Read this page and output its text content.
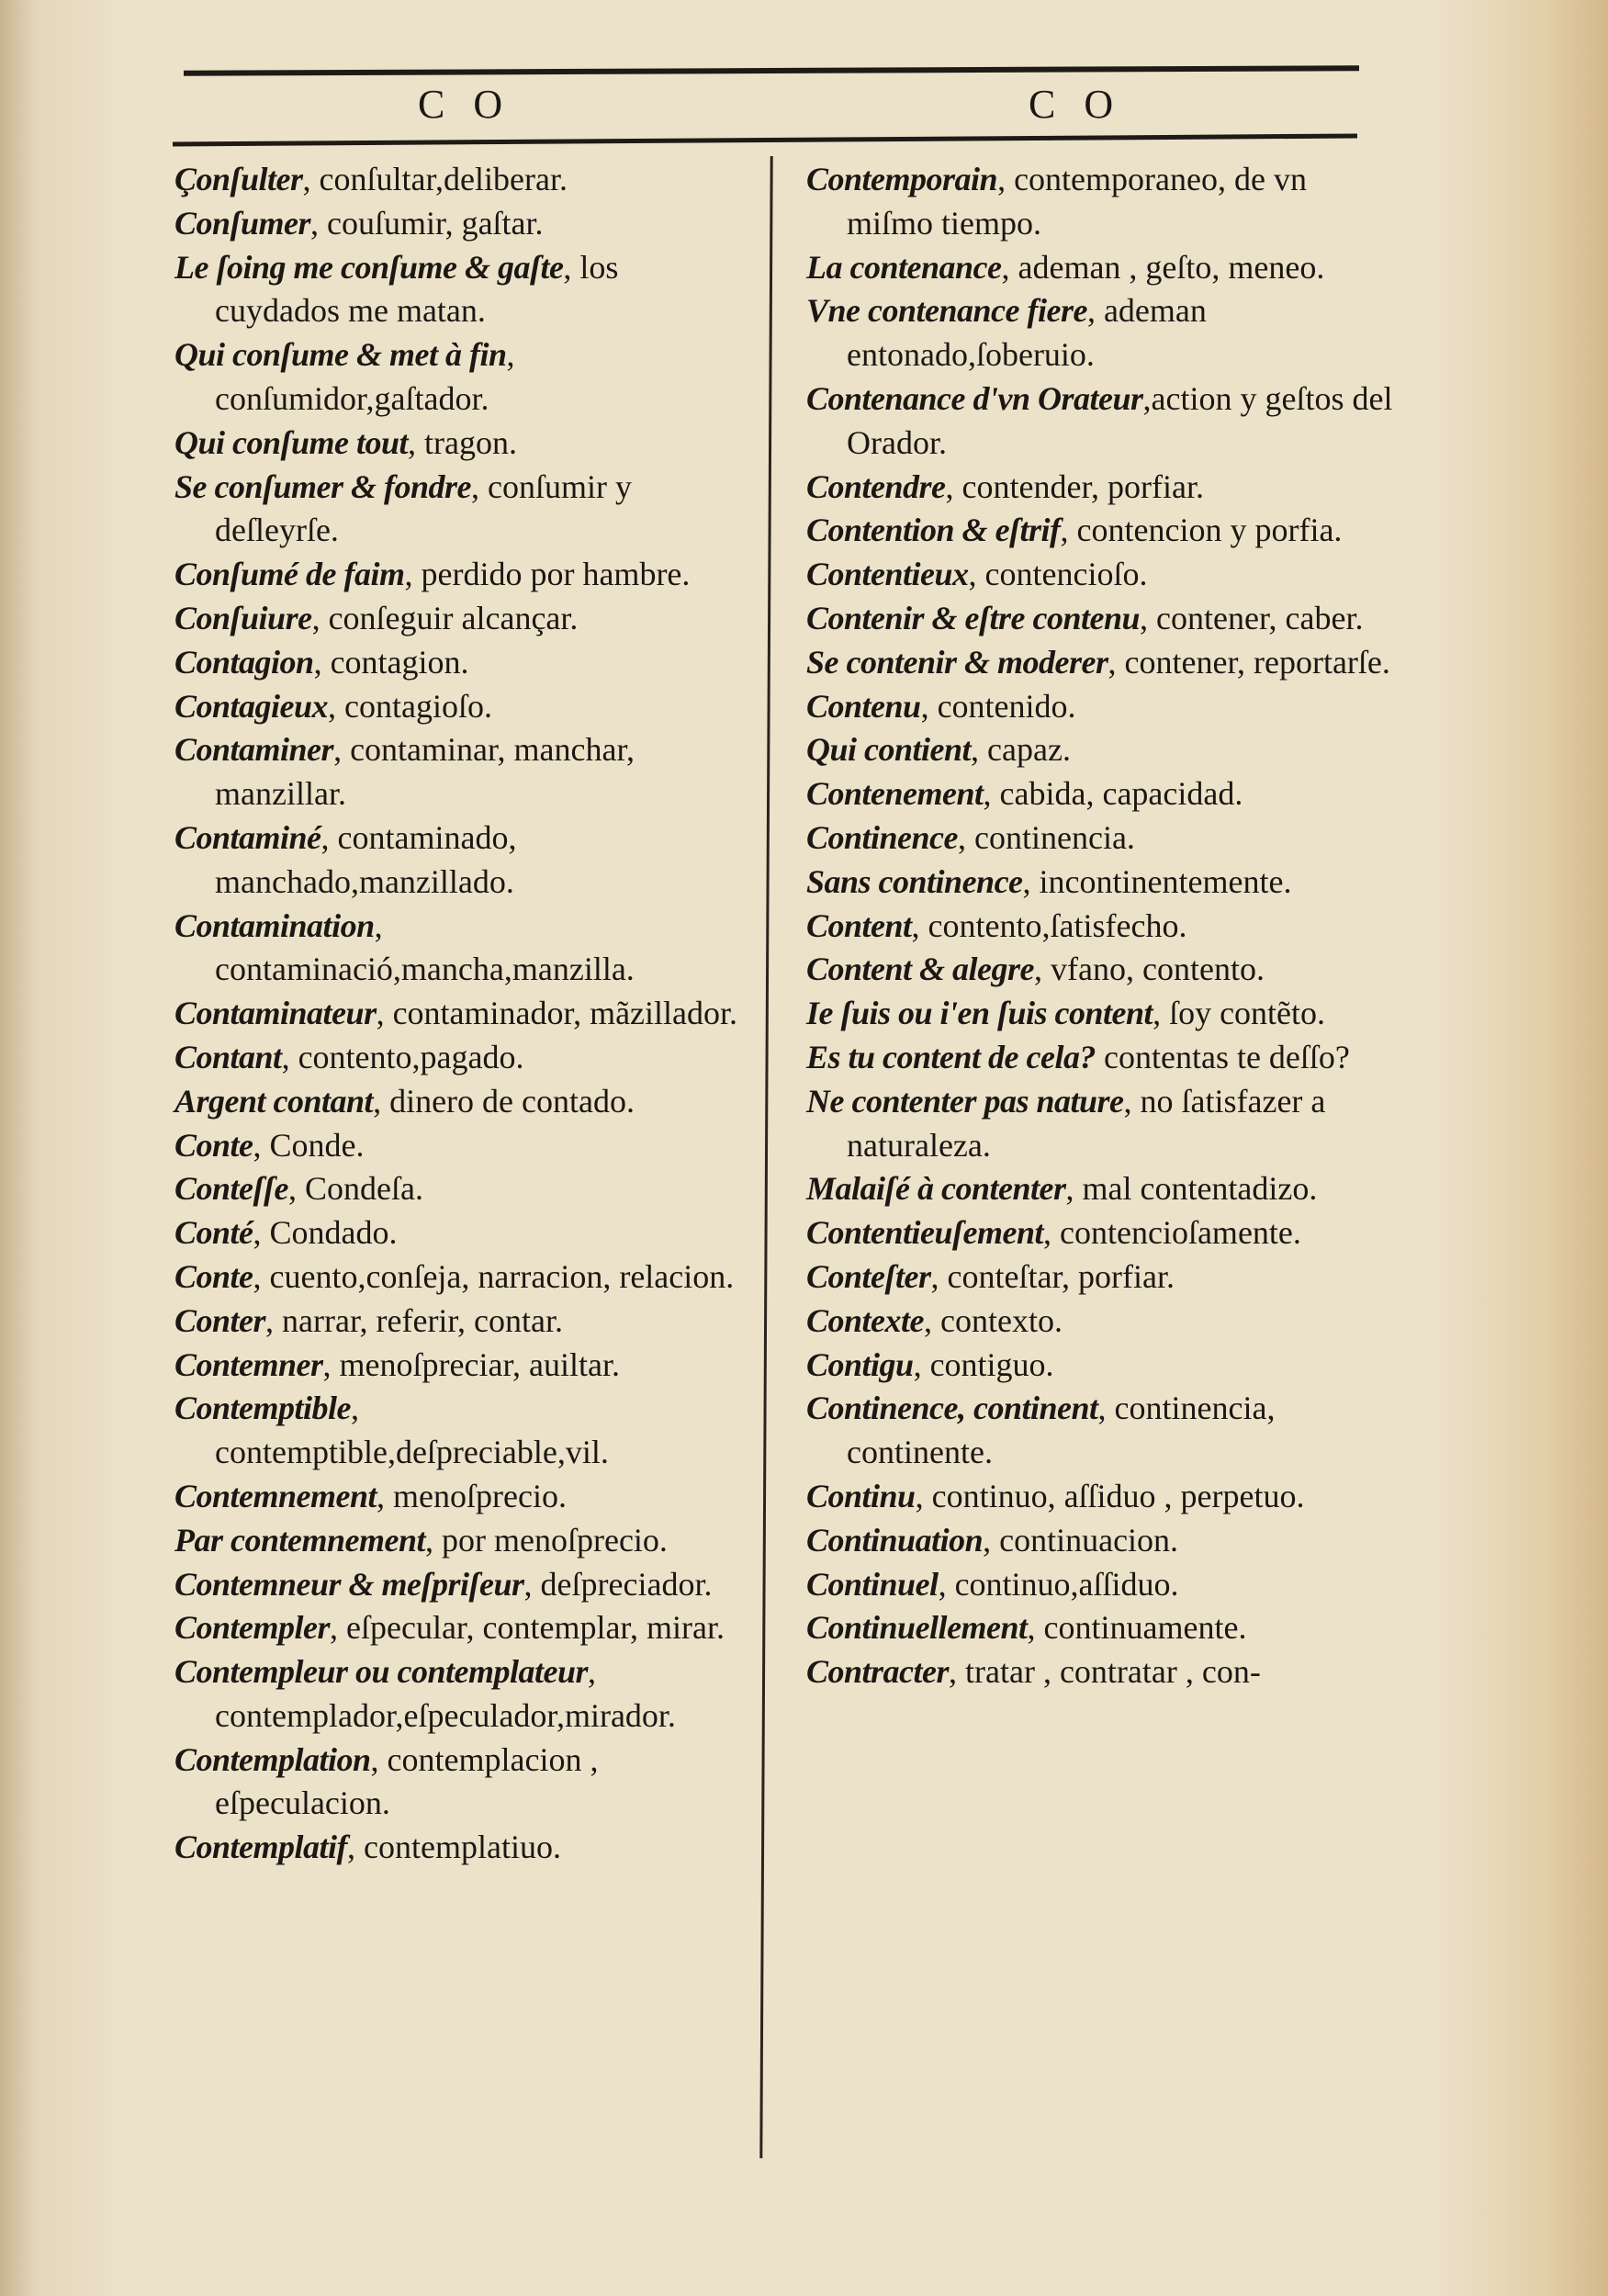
C O	C O

Çonſulter, conſultar,deliberar.

Conſumer, couſumir, gaſtar.

Le ſoing me conſume & gaſte, los cuydados me matan.

Qui conſume & met à fin, conſumidor,gaſtador.

Qui conſume tout, tragon.

Se conſumer & fondre, conſumir y deſleyrſe.

Conſumé de faim, perdido por hambre.

Conſuiure, conſeguir alcançar.

Contagion, contagion.

Contagieux, contagioſo.

Contaminer, contaminar, manchar, manzillar.

Contaminé, contaminado, manchado,manzillado.

Contamination, contaminació,mancha,manzilla.

Contaminateur, contaminador, mãzillador.

Contant, contento,pagado.

Argent contant, dinero de contado.

Conte, Conde.

Conteſſe, Condeſa.

Conté, Condado.

Conte, cuento,conſeja, narracion, relacion.

Conter, narrar, referir, contar.

Contemner, menoſpreciar, auiltar.

Contemptible, contemptible,deſpreciable,vil.

Contemnement, menoſprecio.

Par contemnement, por menoſprecio.

Contemneur & meſpriſeur, deſpreciador.

Contempler, eſpecular, contemplar, mirar.

Contempleur ou contemplateur, contemplador,eſpeculador,mirador.

Contemplation, contemplacion , eſpeculacion.

Contemplatif, contemplatiuo.

Contemporain, contemporaneo, de vn miſmo tiempo.

La contenance, ademan , geſto, meneo.

Vne contenance fiere, ademan entonado,ſoberuio.

Contenance d'vn Orateur,action y geſtos del Orador.

Contendre, contender, porfiar.

Contention & eſtrif, contencion y porfia.

Contentieux, contencioſo.

Contenir & eſtre contenu, contener, caber.

Se contenir & moderer, contener, reportarſe.

Contenu, contenido.

Qui contient, capaz.

Contenement, cabida, capacidad.

Continence, continencia.

Sans continence, incontinentemente.

Content, contento,ſatisfecho.

Content & alegre, vfano, contento.

Ie ſuis ou i'en ſuis content, ſoy contẽto.

Es tu content de cela? contentas te deſſo?

Ne contenter pas nature, no ſatisfazer a naturaleza.

Malaiſé à contenter, mal contentadizo.

Contentieuſement, contencioſamente.

Conteſter, conteſtar, porfiar.

Contexte, contexto.

Contigu, contiguo.

Continence, continent, continencia, continente.

Continu, continuo, aſſiduo , perpetuo.

Continuation, continuacion.

Continuel, continuo,aſſiduo.

Continuellement, continuamente.

Contracter, tratar , contratar , con-
